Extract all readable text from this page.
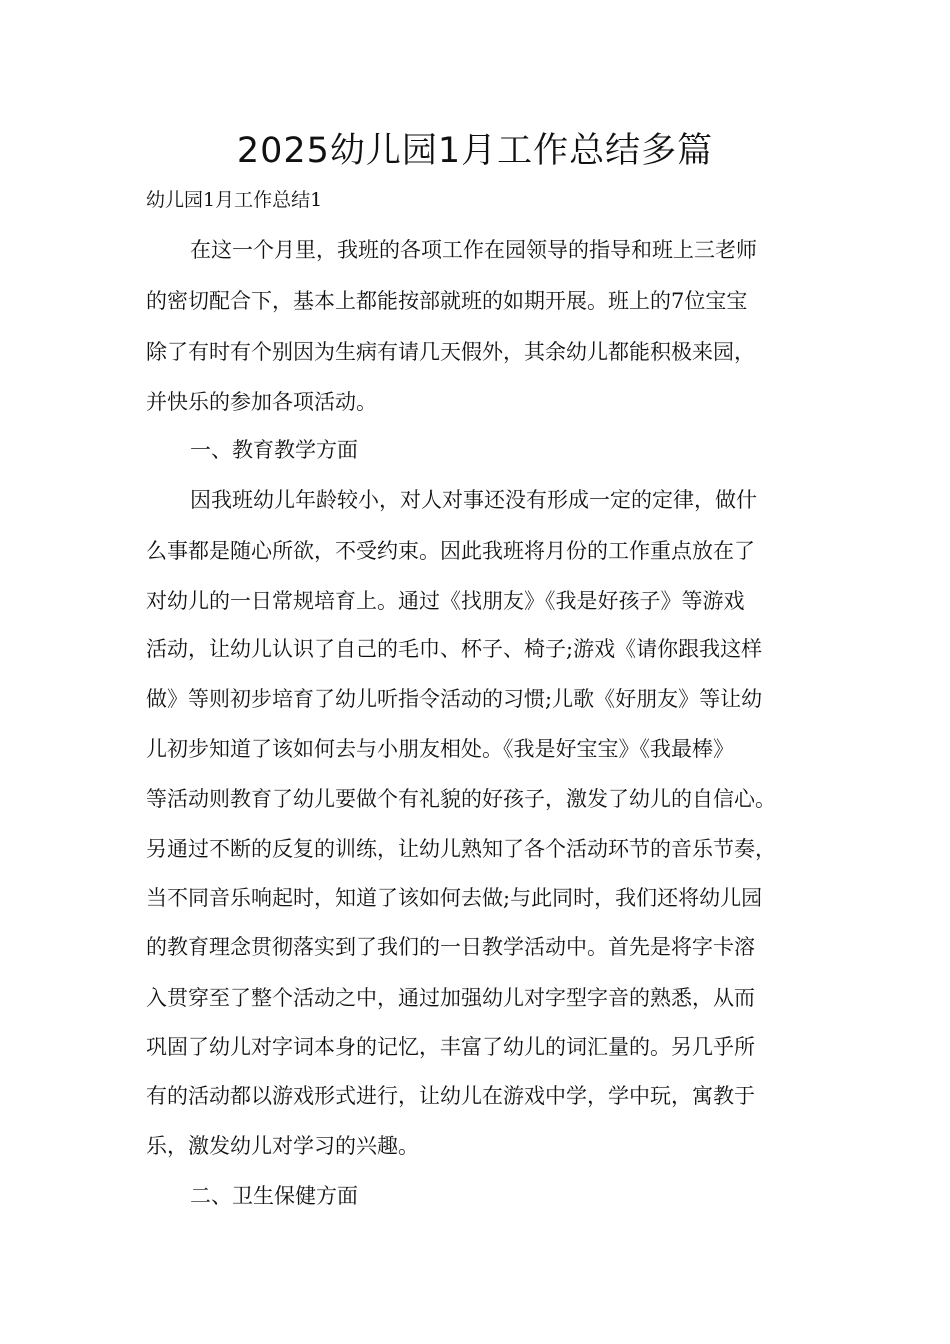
2025幼儿园1月工作总结多篇

幼儿园1月工作总结1

在这一个月里，我班的各项工作在园领导的指导和班上三老师

的密切配合下，基本上都能按部就班的如期开展。班上的7位宝宝

除了有时有个别因为生病有请几天假外，其余幼儿都能积极来园，

并快乐的参加各项活动。

一、教育教学方面

因我班幼儿年龄较小，对人对事还没有形成一定的定律，做什

么事都是随心所欲，不受约束。因此我班将月份的工作重点放在了

对幼儿的一日常规培育上。通过《找朋友》《我是好孩子》等游戏

活动，让幼儿认识了自己的毛巾、杯子、椅子;游戏《请你跟我这样

做》等则初步培育了幼儿听指令活动的习惯;儿歌《好朋友》等让幼

儿初步知道了该如何去与小朋友相处。《我是好宝宝》《我最棒》

等活动则教育了幼儿要做个有礼貌的好孩子，激发了幼儿的自信心。

另通过不断的反复的训练，让幼儿熟知了各个活动环节的音乐节奏，

当不同音乐响起时，知道了该如何去做;与此同时，我们还将幼儿园

的教育理念贯彻落实到了我们的一日教学活动中。首先是将字卡溶

入贯穿至了整个活动之中，通过加强幼儿对字型字音的熟悉，从而

巩固了幼儿对字词本身的记忆，丰富了幼儿的词汇量的。另几乎所

有的活动都以游戏形式进行，让幼儿在游戏中学，学中玩，寓教于

乐，激发幼儿对学习的兴趣。

二、卫生保健方面
